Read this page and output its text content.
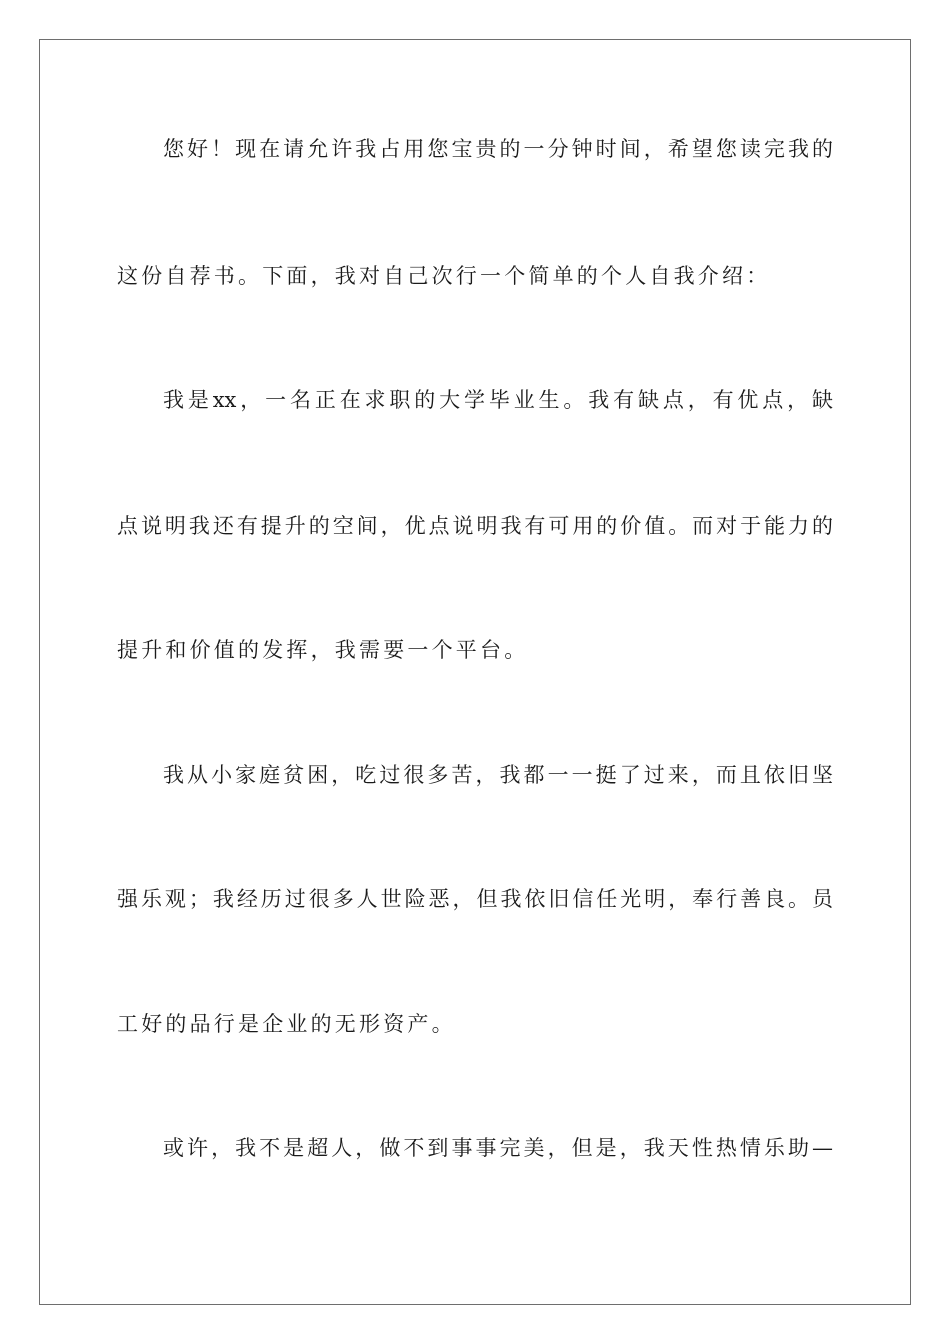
您好！现在请允许我占用您宝贵的一分钟时间，希望您读完我的
这份自荐书。下面，我对自己次行一个简单的个人自我介绍：
我是xx，一名正在求职的大学毕业生。我有缺点，有优点，缺
点说明我还有提升的空间，优点说明我有可用的价值。而对于能力的
提升和价值的发挥，我需要一个平台。
我从小家庭贫困，吃过很多苦，我都一一挺了过来，而且依旧坚
强乐观；我经历过很多人世险恶，但我依旧信任光明，奉行善良。员
工好的品行是企业的无形资产。
或许，我不是超人，做不到事事完美，但是，我天性热情乐助—
